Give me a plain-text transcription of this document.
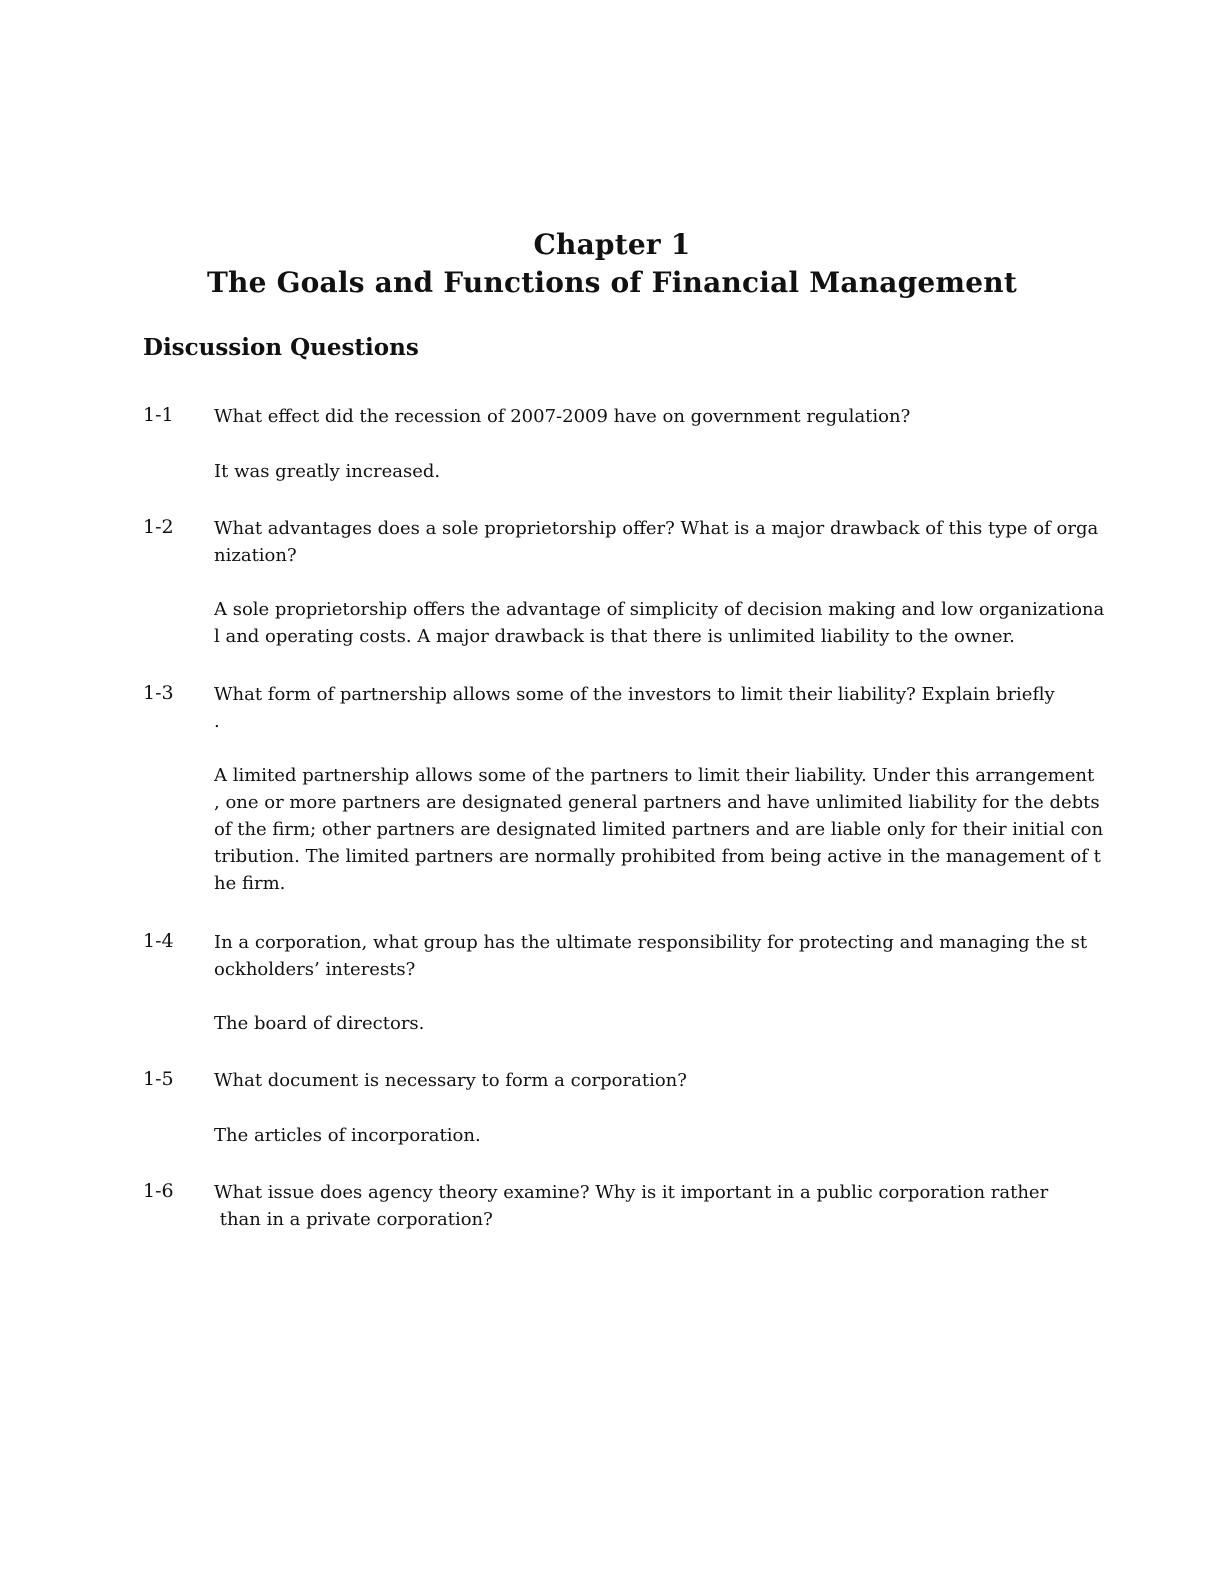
Chapter 1
The Goals and Functions of Financial Management
Discussion Questions
1-1	What effect did the recession of 2007-2009 have on government regulation?
It was greatly increased.
1-2	What advantages does a sole proprietorship offer? What is a major drawback of this type of orga
nization?
A sole proprietorship offers the advantage of simplicity of decision making and low organizationa
l and operating costs. A major drawback is that there is unlimited liability to the owner.
1-3	What form of partnership allows some of the investors to limit their liability? Explain briefly
.
A limited partnership allows some of the partners to limit their liability. Under this arrangement
, one or more partners are designated general partners and have unlimited liability for the debts
of the firm; other partners are designated limited partners and are liable only for their initial con
tribution. The limited partners are normally prohibited from being active in the management of t
he firm.
1-4	In a corporation, what group has the ultimate responsibility for protecting and managing the st
ockholders’ interests?
The board of directors.
1-5	What document is necessary to form a corporation?
The articles of incorporation.
1-6	What issue does agency theory examine? Why is it important in a public corporation rather
than in a private corporation?
